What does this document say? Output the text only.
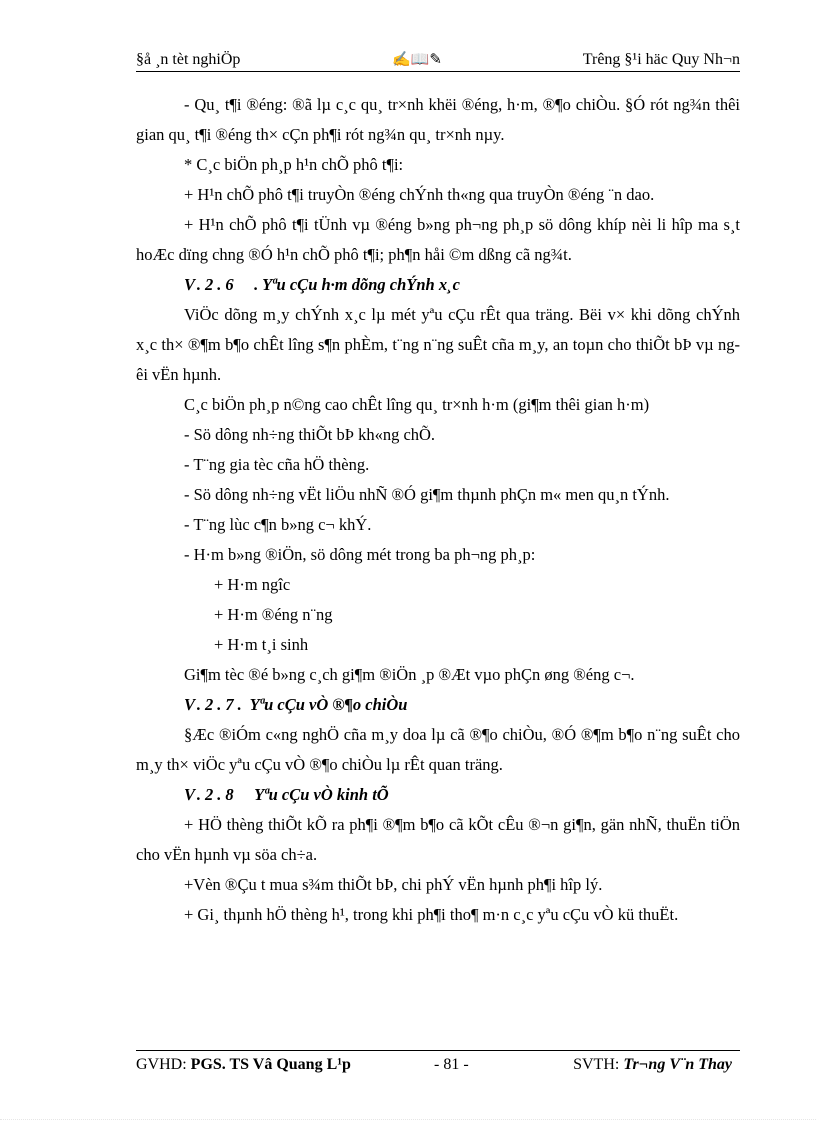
§å ¸n tèt nghiÖp	✍📖✎	Trêng §¹i häc Quy Nh¬n

- Qu¸ t¶i ®éng: ®ã lµ c¸c qu¸ tr×nh khëi ®éng, h·m, ®¶o chiÒu. §Ó rót ng¾n thêi gian qu¸ t¶i ®éng th× cÇn ph¶i rót ng¾n qu¸ tr×nh nµy.

* C¸c biÖn ph¸p h¹n chÕ phô t¶i:

+ H¹n chÕ phô t¶i truyÒn ®éng chÝnh th«ng qua truyÒn ®éng ¨n dao.

+ H¹n chÕ phô t¶i tÜnh vµ ®éng b»ng ph¬ng ph¸p sö dông khíp nèi li hîp ma s¸t hoÆc dïng chng ®Ó h¹n chÕ phô t¶i; ph¶n håi ©m dßng cã ng¾t.

V.2.6 . Yªu cÇu h·m dõng chÝnh x¸c

ViÖc dõng m¸y chÝnh x¸c lµ mét yªu cÇu rÊt qua träng. Bëi v× khi dõng chÝnh x¸c th× ®¶m b¶o chÊt lîng s¶n phÈm, t¨ng n¨ng suÊt cña m¸y, an toµn cho thiÕt bÞ vµ ngêi vËn hµnh.

C¸c biÖn ph¸p n©ng cao chÊt lîng qu¸ tr×nh h·m (gi¶m thêi gian h·m)

- Sö dông nh÷ng thiÕt bÞ kh«ng chÕ.

- T¨ng gia tèc cña hÖ thèng.

- Sö dông nh÷ng vËt liÖu nhÑ ®Ó gi¶m thµnh phÇn m« men qu¸n tÝnh.

- T¨ng lùc c¶n b»ng c¬ khÝ.

- H·m b»ng ®iÖn, sö dông mét trong ba ph¬ng ph¸p:

+ H·m ngîc

+ H·m ®éng n¨ng

+ H·m t¸i sinh

Gi¶m tèc ®é b»ng c¸ch gi¶m ®iÖn ¸p ®Æt vµo phÇn øng ®éng c¬.

V.2.7. Yªu cÇu vÒ ®¶o chiÒu

§Æc ®iÓm c«ng nghÖ cña m¸y doa lµ cã ®¶o chiÒu, ®Ó ®¶m b¶o n¨ng suÊt cho m¸y th× viÖc yªu cÇu vÒ ®¶o chiÒu lµ rÊt quan träng.

V.2.8 Yªu cÇu vÒ kinh tÕ

+ HÖ thèng thiÕt kÕ ra ph¶i ®¶m b¶o cã kÕt cÊu ®¬n gi¶n, gän nhÑ, thuËn tiÖn cho vËn hµnh vµ söa ch÷a.

+Vèn ®Çu t mua s¾m thiÕt bÞ, chi phÝ vËn hµnh ph¶i hîp lý.

+ Gi¸ thµnh hÖ thèng h¹, trong khi ph¶i tho¶ m·n c¸c yªu cÇu vÒ kü thuËt.

GVHD: PGS. TS Vâ Quang L¹p	- 81 -	SVTH: Tr¬ng V¨n Thay
